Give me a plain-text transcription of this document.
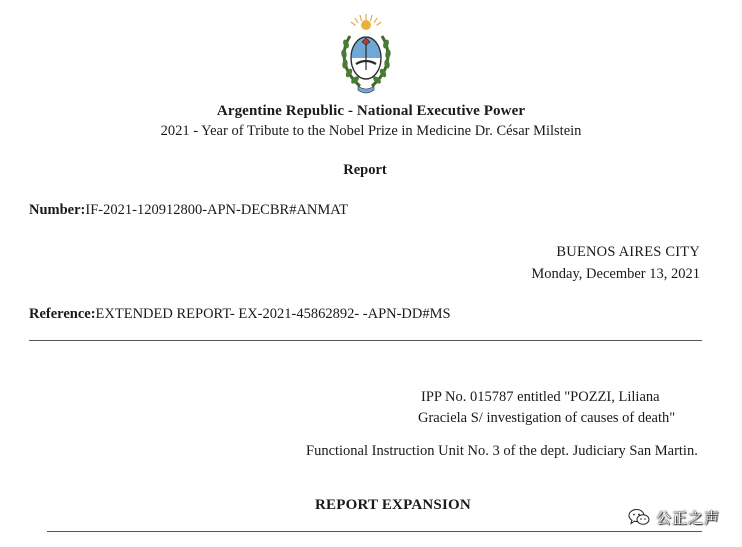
Argentine Republic - National Executive Power
2021 - Year of Tribute to the Nobel Prize in Medicine Dr. César Milstein
Report
Number:IF-2021-120912800-APN-DECBR#ANMAT
BUENOS AIRES CITY
Monday, December 13, 2021
Reference:EXTENDED REPORT- EX-2021-45862892- -APN-DD#MS
IPP No. 015787 entitled "POZZI, Liliana
Graciela S/ investigation of causes of death"
Functional Instruction Unit No. 3 of the dept. Judiciary San Martin.
REPORT EXPANSION
公正之声
